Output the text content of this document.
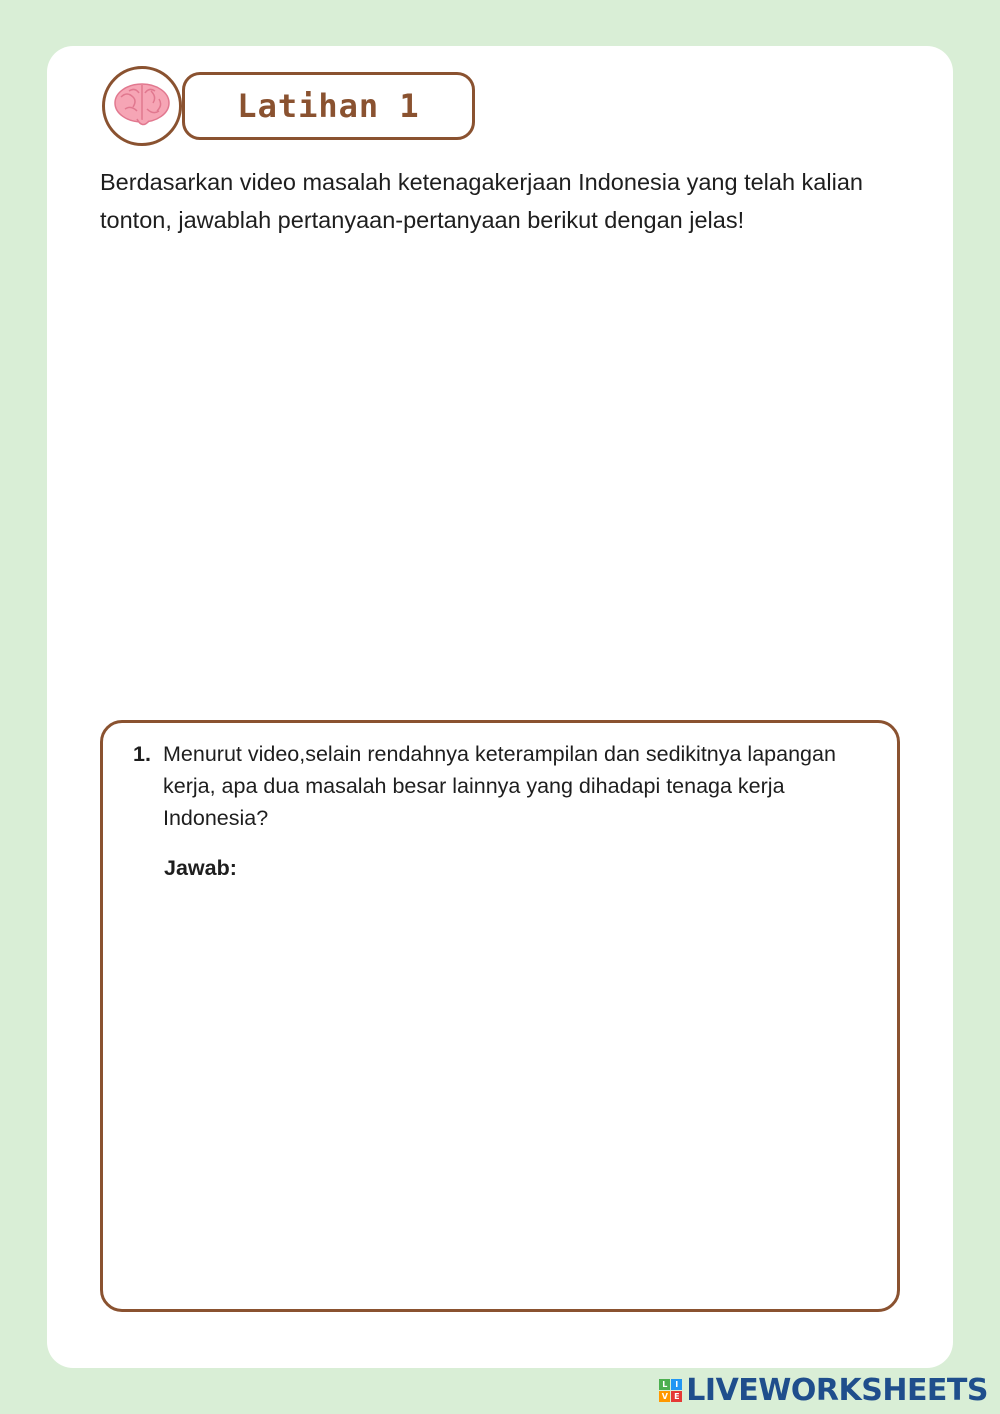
Latihan 1
Berdasarkan video masalah ketenagakerjaan Indonesia yang telah kalian tonton, jawablah pertanyaan-pertanyaan berikut dengan jelas!
1. Menurut video,selain rendahnya keterampilan dan sedikitnya lapangan kerja, apa dua masalah besar lainnya yang dihadapi tenaga kerja Indonesia?
Jawab:
L I
V E LIVEWORKSHEETS
